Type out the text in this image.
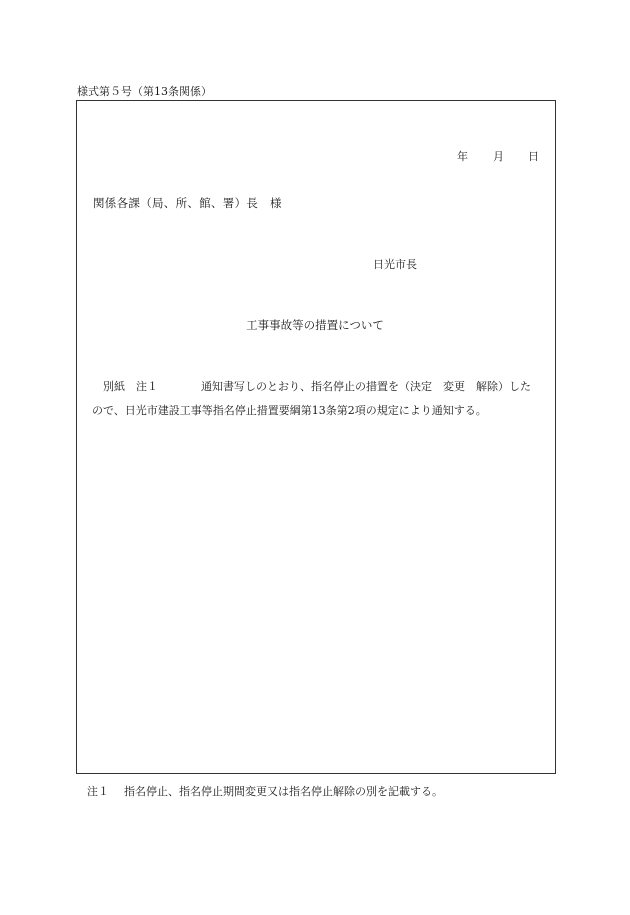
様式第５号（第13条関係）
年 月 日
関係各課（局、所、館、署）長　様
日光市長
工事事故等の措置について
別紙　注１	通知書写しのとおり、指名停止の措置を（決定　変更　解除）した
ので、日光市建設工事等指名停止措置要綱第13条第2項の規定により通知する。
注１ 指名停止、指名停止期間変更又は指名停止解除の別を記載する。
